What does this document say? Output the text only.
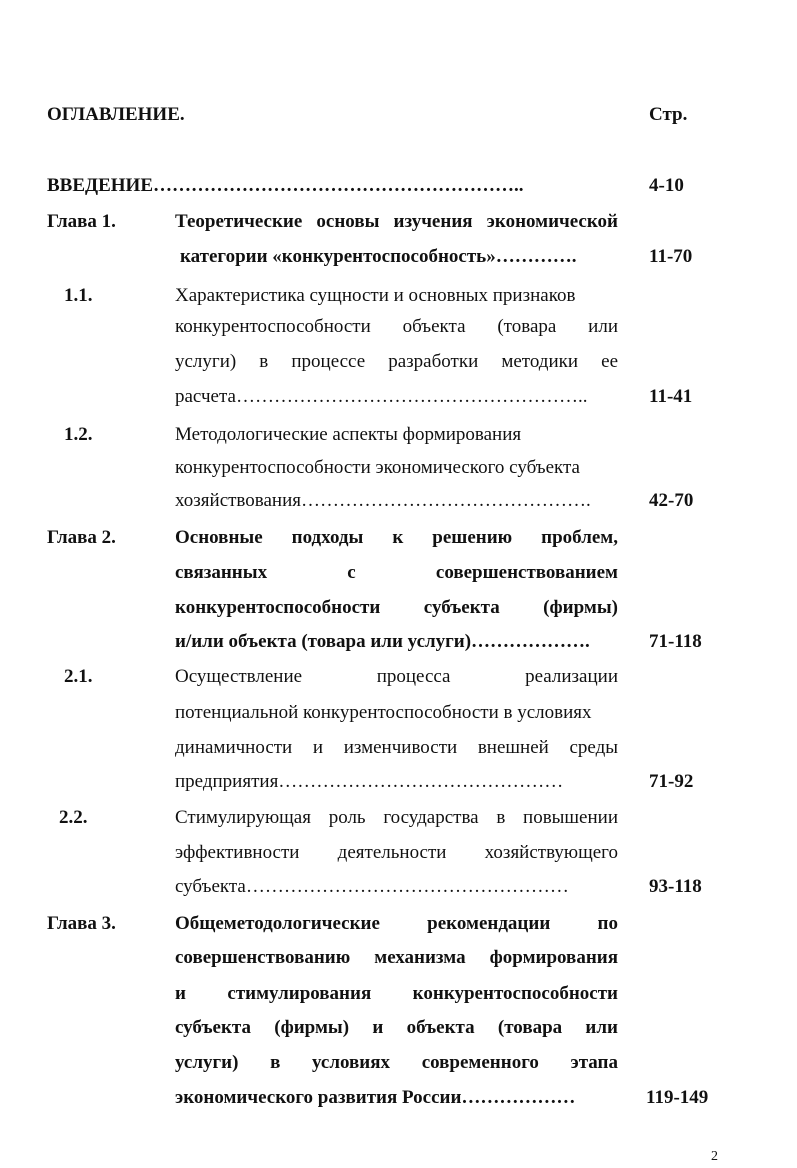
ОГЛАВЛЕНИЕ.	Стр.
ВВЕДЕНИЕ…………………………………………………..	4-10
Глава 1.	Теоретические основы изучения экономической
категории «конкурентоспособность»………….	11-70
1.1.	Характеристика сущности и основных признаков
конкурентоспособности объекта (товара или
услуги) в процессе разработки методики ее
расчета………………………………………………..	11-41
1.2.	Методологические аспекты формирования
конкурентоспособности экономического субъекта
хозяйствования……………………………………….	42-70
Глава 2.	Основные подходы к решению проблем,
связанных с совершенствованием
конкурентоспособности субъекта (фирмы)
и/или объекта (товара или услуги)……………….	71-118
2.1.	Осуществление процесса реализации
потенциальной конкурентоспособности в условиях
динамичности и изменчивости внешней среды
предприятия………………………………………	71-92
2.2.	Стимулирующая роль государства в повышении
эффективности деятельности хозяйствующего
субъекта……………………………………………	93-118
Глава 3.	Общеметодологические рекомендации по
совершенствованию механизма формирования
и стимулирования конкурентоспособности
субъекта (фирмы) и объекта (товара или
услуги) в условиях современного этапа
экономического развития России………………	119-149
2
